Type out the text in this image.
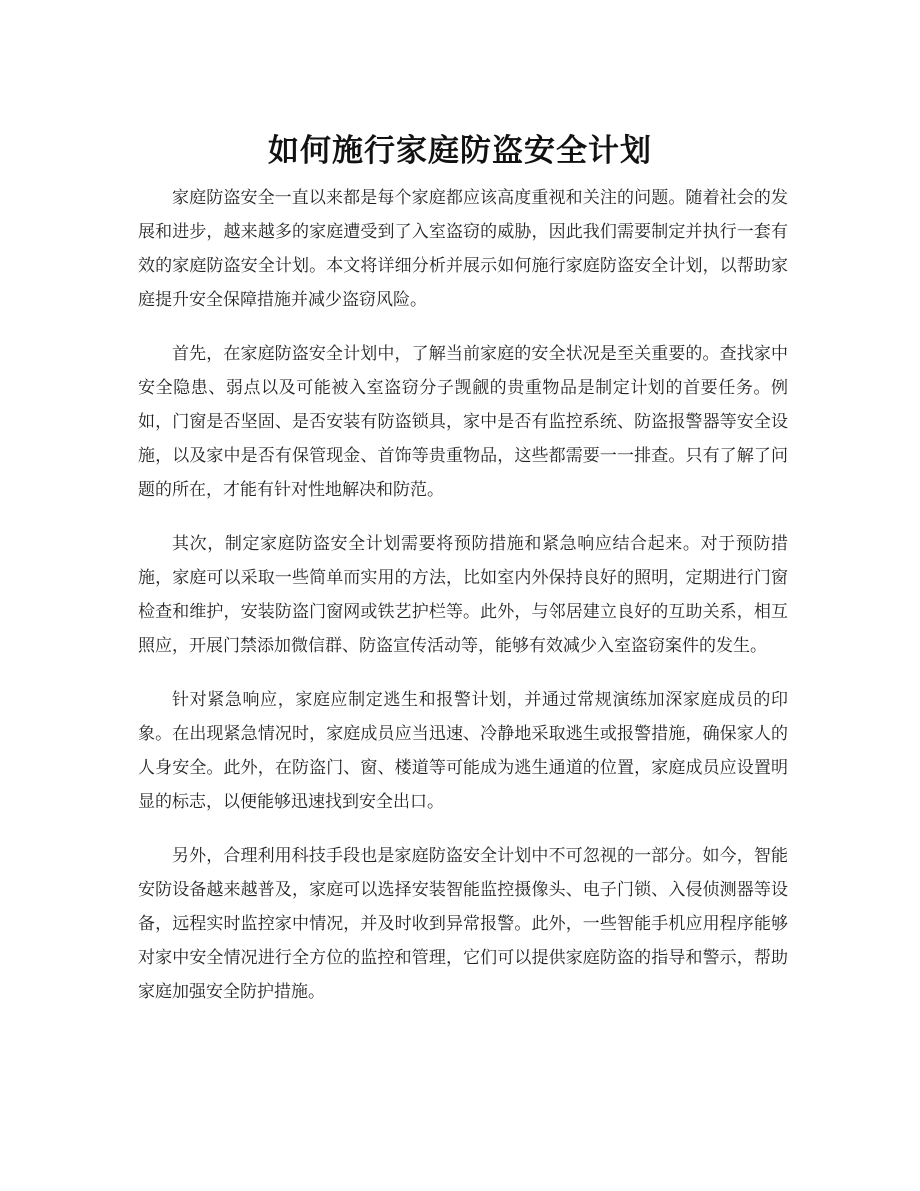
如何施行家庭防盗安全计划

家庭防盗安全一直以来都是每个家庭都应该高度重视和关注的问题。随着社会的发展和进步，越来越多的家庭遭受到了入室盗窃的威胁，因此我们需要制定并执行一套有效的家庭防盗安全计划。本文将详细分析并展示如何施行家庭防盗安全计划，以帮助家庭提升安全保障措施并减少盗窃风险。

首先，在家庭防盗安全计划中，了解当前家庭的安全状况是至关重要的。查找家中安全隐患、弱点以及可能被入室盗窃分子觊觎的贵重物品是制定计划的首要任务。例如，门窗是否坚固、是否安装有防盗锁具，家中是否有监控系统、防盗报警器等安全设施，以及家中是否有保管现金、首饰等贵重物品，这些都需要一一排查。只有了解了问题的所在，才能有针对性地解决和防范。

其次，制定家庭防盗安全计划需要将预防措施和紧急响应结合起来。对于预防措施，家庭可以采取一些简单而实用的方法，比如室内外保持良好的照明，定期进行门窗检查和维护，安装防盗门窗网或铁艺护栏等。此外，与邻居建立良好的互助关系，相互照应，开展门禁添加微信群、防盗宣传活动等，能够有效减少入室盗窃案件的发生。

针对紧急响应，家庭应制定逃生和报警计划，并通过常规演练加深家庭成员的印象。在出现紧急情况时，家庭成员应当迅速、冷静地采取逃生或报警措施，确保家人的人身安全。此外，在防盗门、窗、楼道等可能成为逃生通道的位置，家庭成员应设置明显的标志，以便能够迅速找到安全出口。

另外，合理利用科技手段也是家庭防盗安全计划中不可忽视的一部分。如今，智能安防设备越来越普及，家庭可以选择安装智能监控摄像头、电子门锁、入侵侦测器等设备，远程实时监控家中情况，并及时收到异常报警。此外，一些智能手机应用程序能够对家中安全情况进行全方位的监控和管理，它们可以提供家庭防盗的指导和警示，帮助家庭加强安全防护措施。
